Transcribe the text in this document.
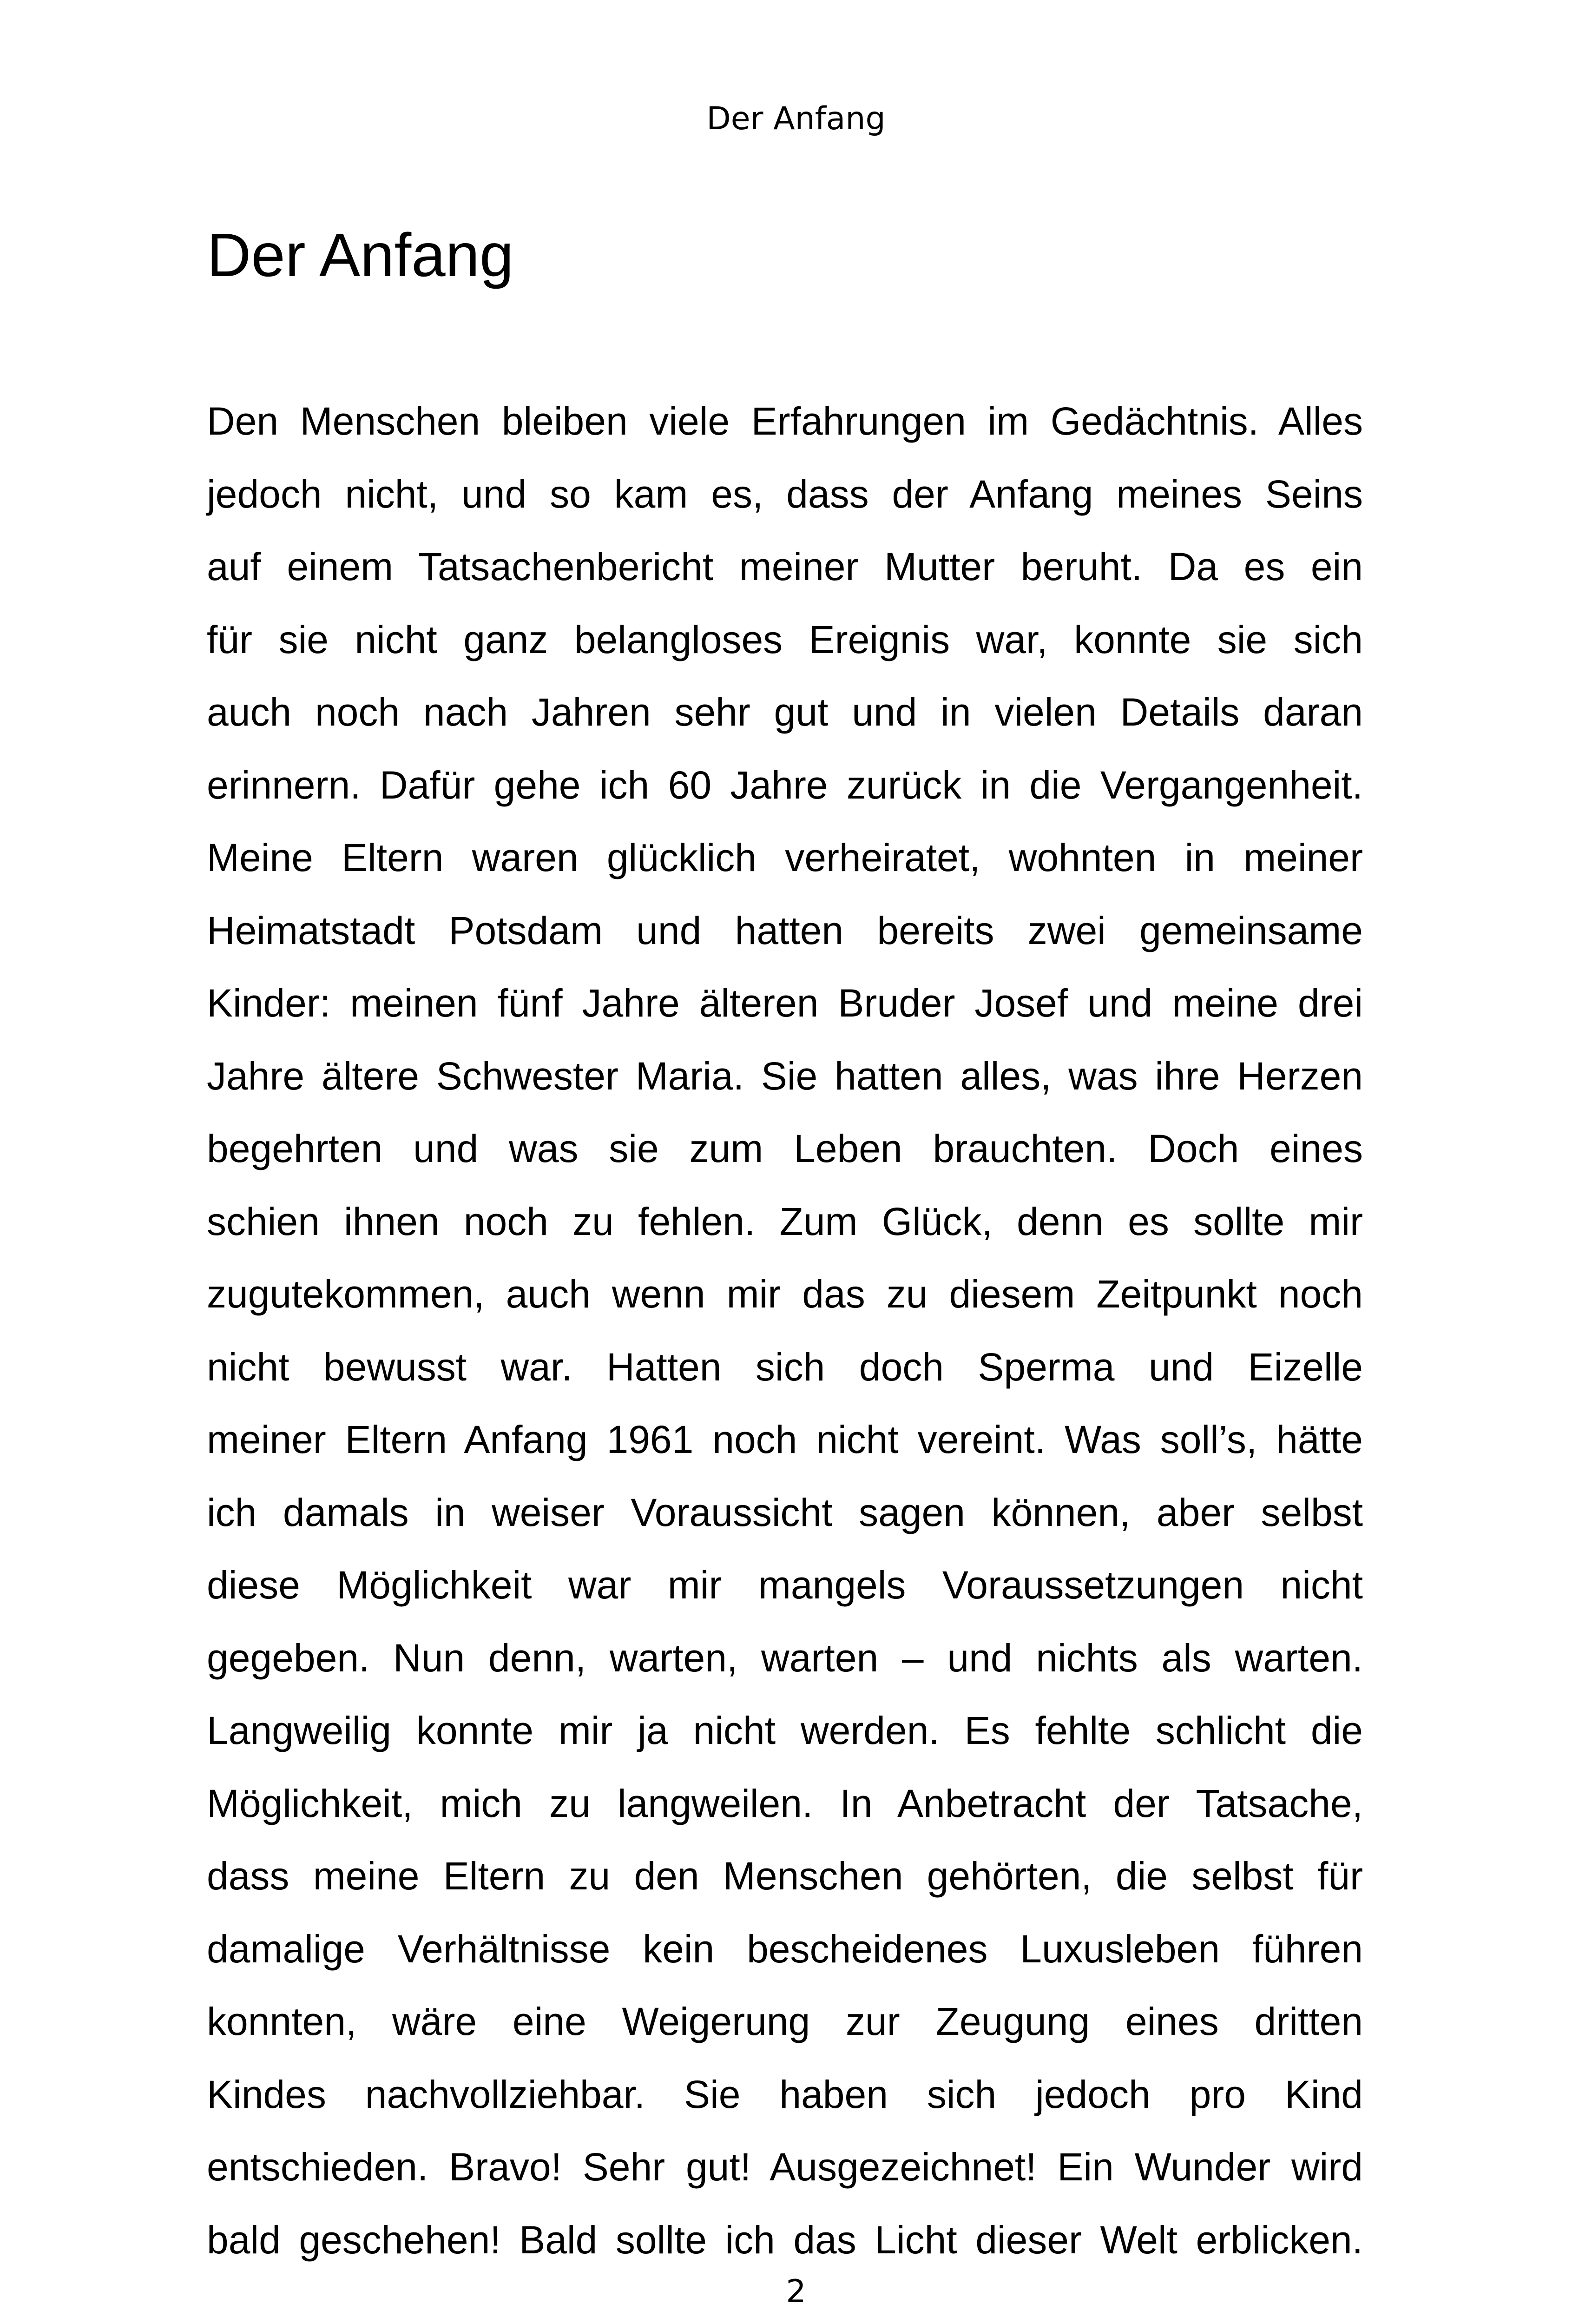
Der Anfang
Der Anfang
Den Menschen bleiben viele Erfahrungen im Gedächtnis. Alles
jedoch nicht, und so kam es, dass der Anfang meines Seins
auf einem Tatsachenbericht meiner Mutter beruht. Da es ein
für sie nicht ganz belangloses Ereignis war, konnte sie sich
auch noch nach Jahren sehr gut und in vielen Details daran
erinnern. Dafür gehe ich 60 Jahre zurück in die Vergangenheit.
Meine Eltern waren glücklich verheiratet, wohnten in meiner
Heimatstadt Potsdam und hatten bereits zwei gemeinsame
Kinder: meinen fünf Jahre älteren Bruder Josef und meine drei
Jahre ältere Schwester Maria. Sie hatten alles, was ihre Herzen
begehrten und was sie zum Leben brauchten. Doch eines
schien ihnen noch zu fehlen. Zum Glück, denn es sollte mir
zugutekommen, auch wenn mir das zu diesem Zeitpunkt noch
nicht bewusst war. Hatten sich doch Sperma und Eizelle
meiner Eltern Anfang 1961 noch nicht vereint. Was soll’s, hätte
ich damals in weiser Voraussicht sagen können, aber selbst
diese Möglichkeit war mir mangels Voraussetzungen nicht
gegeben. Nun denn, warten, warten – und nichts als warten.
Langweilig konnte mir ja nicht werden. Es fehlte schlicht die
Möglichkeit, mich zu langweilen. In Anbetracht der Tatsache,
dass meine Eltern zu den Menschen gehörten, die selbst für
damalige Verhältnisse kein bescheidenes Luxusleben führen
konnten, wäre eine Weigerung zur Zeugung eines dritten
Kindes nachvollziehbar. Sie haben sich jedoch pro Kind
entschieden. Bravo! Sehr gut! Ausgezeichnet! Ein Wunder wird
bald geschehen! Bald sollte ich das Licht dieser Welt erblicken.
2
